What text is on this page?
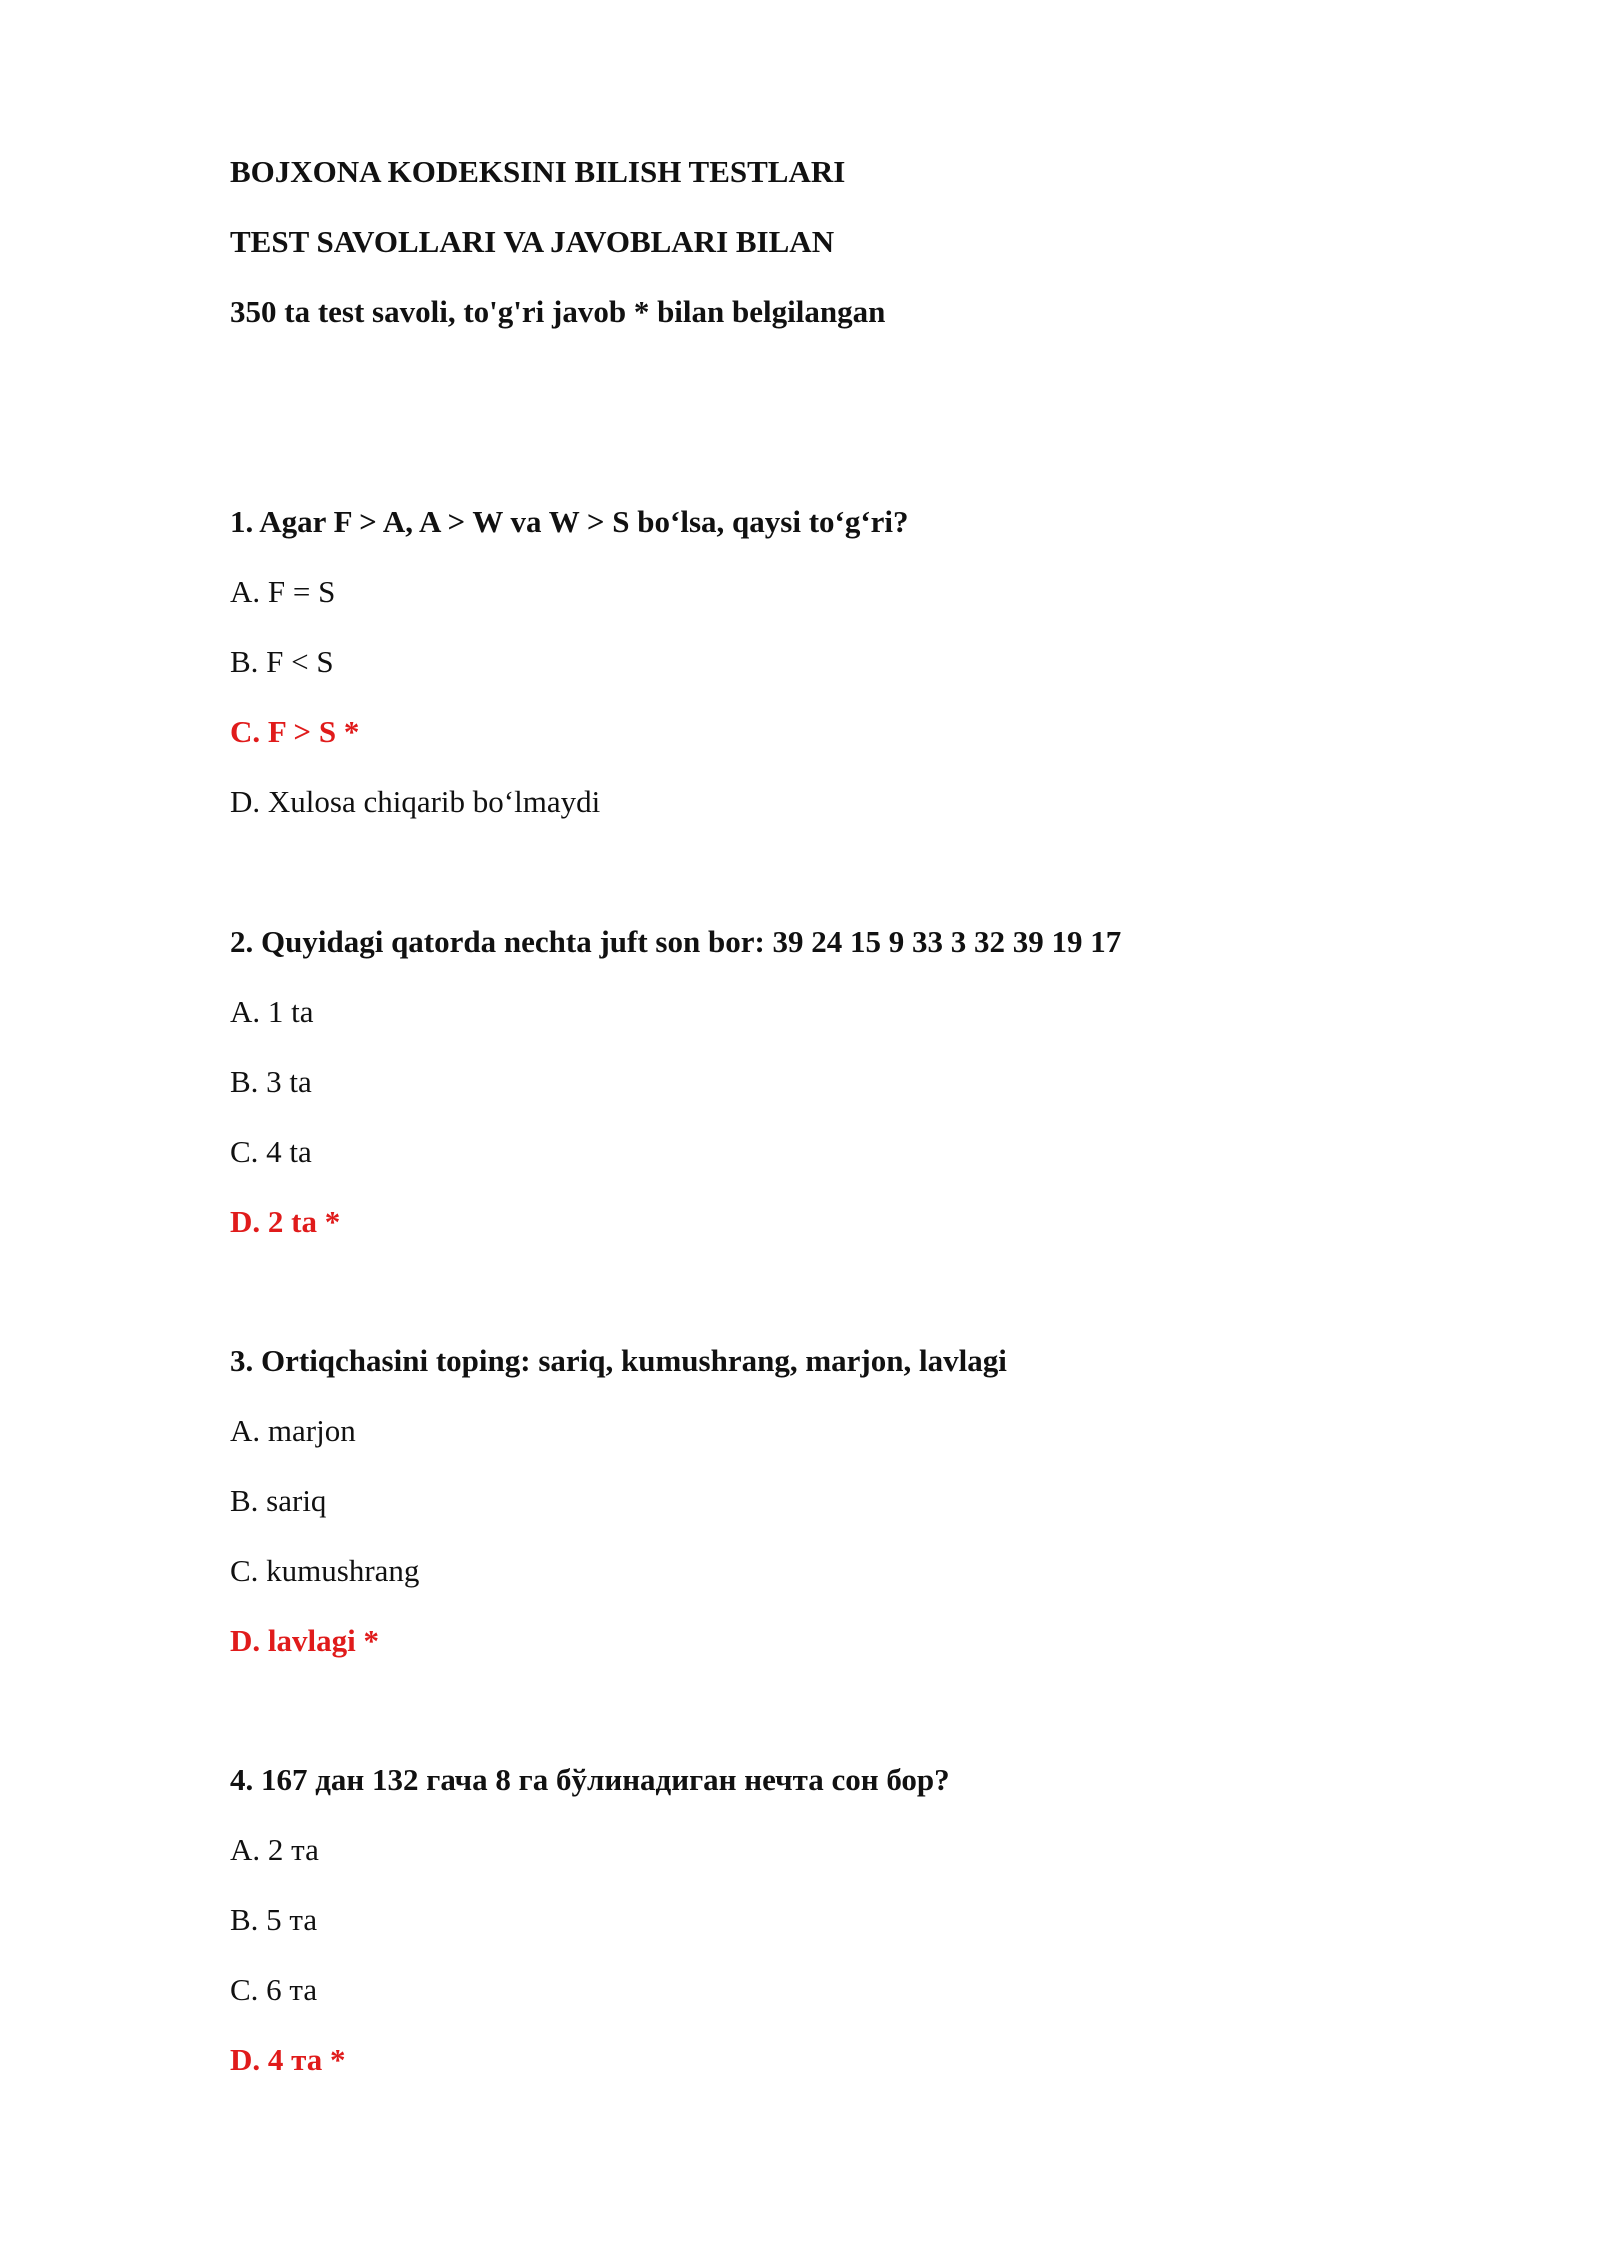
BOJXONA KODEKSINI BILISH TESTLARI
TEST SAVOLLARI VA JAVOBLARI BILAN
350 ta test savoli, to'g'ri javob * bilan belgilangan
1. Agar F > A, A > W va W > S bo‘lsa, qaysi to‘g‘ri?
A. F = S
B. F < S
C. F > S *
D. Xulosa chiqarib bo‘lmaydi
2. Quyidagi qatorda nechta juft son bor: 39 24 15 9 33 3 32 39 19 17
A. 1 ta
B. 3 ta
C. 4 ta
D. 2 ta *
3. Ortiqchasini toping: sariq, kumushrang, marjon, lavlagi
A. marjon
B. sariq
C. kumushrang
D. lavlagi *
4. 167 дан 132 гача 8 га бўлинадиган нечта сон бор?
A. 2 та
B. 5 та
C. 6 та
D. 4 та *
